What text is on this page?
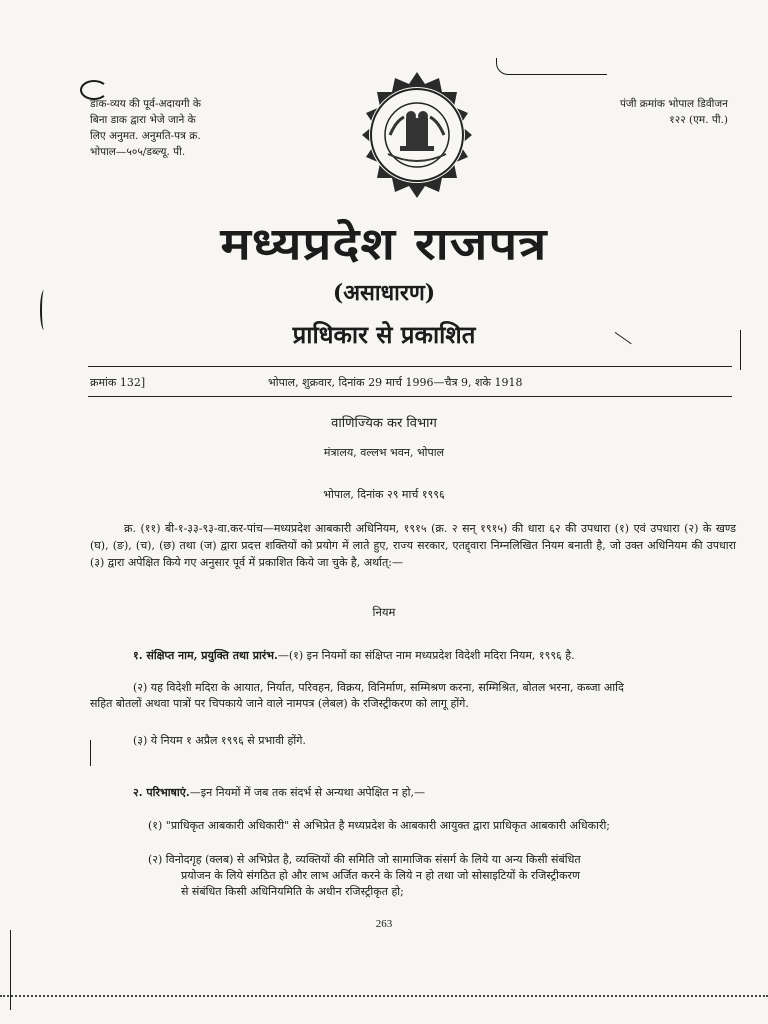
डाक-व्यय की पूर्व-अदायगी के
बिना डाक द्वारा भेजे जाने के
लिए अनुमत. अनुमति-पत्र क्र.
भोपाल—५०५/डब्ल्यू. पी.
पंजी क्रमांक भोपाल डिवीजन
१२२ (एम. पी.)
मध्यप्रदेश राजपत्र
(असाधारण)
प्राधिकार से प्रकाशित
क्रमांक 132]	भोपाल, शुक्रवार, दिनांक 29 मार्च 1996—चैत्र 9, शके 1918
वाणिज्यिक कर विभाग
मंत्रालय, वल्लभ भवन, भोपाल
भोपाल, दिनांक २९ मार्च १९९६
क्र. (११) बी-१-३३-९३-वा.कर-पांच—मध्यप्रदेश आबकारी अधिनियम, १९१५ (क्र. २ सन् १९१५) की धारा ६२ की उपधारा (१) एवं उपधारा (२) के खण्ड (घ), (ङ), (च), (छ) तथा (ज) द्वारा प्रदत्त शक्तियों को प्रयोग में लाते हुए, राज्य सरकार, एतद्द्वारा निम्नलिखित नियम बनाती है, जो उक्त अधिनियम की उपधारा (३) द्वारा अपेक्षित किये गए अनुसार पूर्व में प्रकाशित किये जा चुके है, अर्थात्:—
नियम
१. संक्षिप्त नाम, प्रयुक्ति तथा प्रारंभ.—(१) इन नियमों का संक्षिप्त नाम मध्यप्रदेश विदेशी मदिरा नियम, १९९६ है.
(२) यह विदेशी मदिरा के आयात, निर्यात, परिवहन, विक्रय, विनिर्माण, सम्मिश्रण करना, सम्मिश्रित, बोतल भरना, कब्जा आदि
सहित बोतलों अथवा पात्रों पर चिपकाये जाने वाले नामपत्र (लेबल) के रजिस्ट्रीकरण को लागू होंगे.
(३) ये नियम १ अप्रैल १९९६ से प्रभावी होंगे.
२. परिभाषाएं.—इन नियमों में जब तक संदर्भ से अन्यथा अपेक्षित न हो,—
(१) "प्राधिकृत आबकारी अधिकारी" से अभिप्रेत है मध्यप्रदेश के आबकारी आयुक्त द्वारा प्राधिकृत आबकारी अधिकारी;
(२) विनोदगृह (क्लब) से अभिप्रेत है, व्यक्तियों की समिति जो सामाजिक संसर्ग के लिये या अन्य किसी संबंधित
प्रयोजन के लिये संगठित हो और लाभ अर्जित करने के लिये न हो तथा जो सोसाइटियों के रजिस्ट्रीकरण
से संबंधित किसी अधिनियमिति के अधीन रजिस्ट्रीकृत हो;
263
